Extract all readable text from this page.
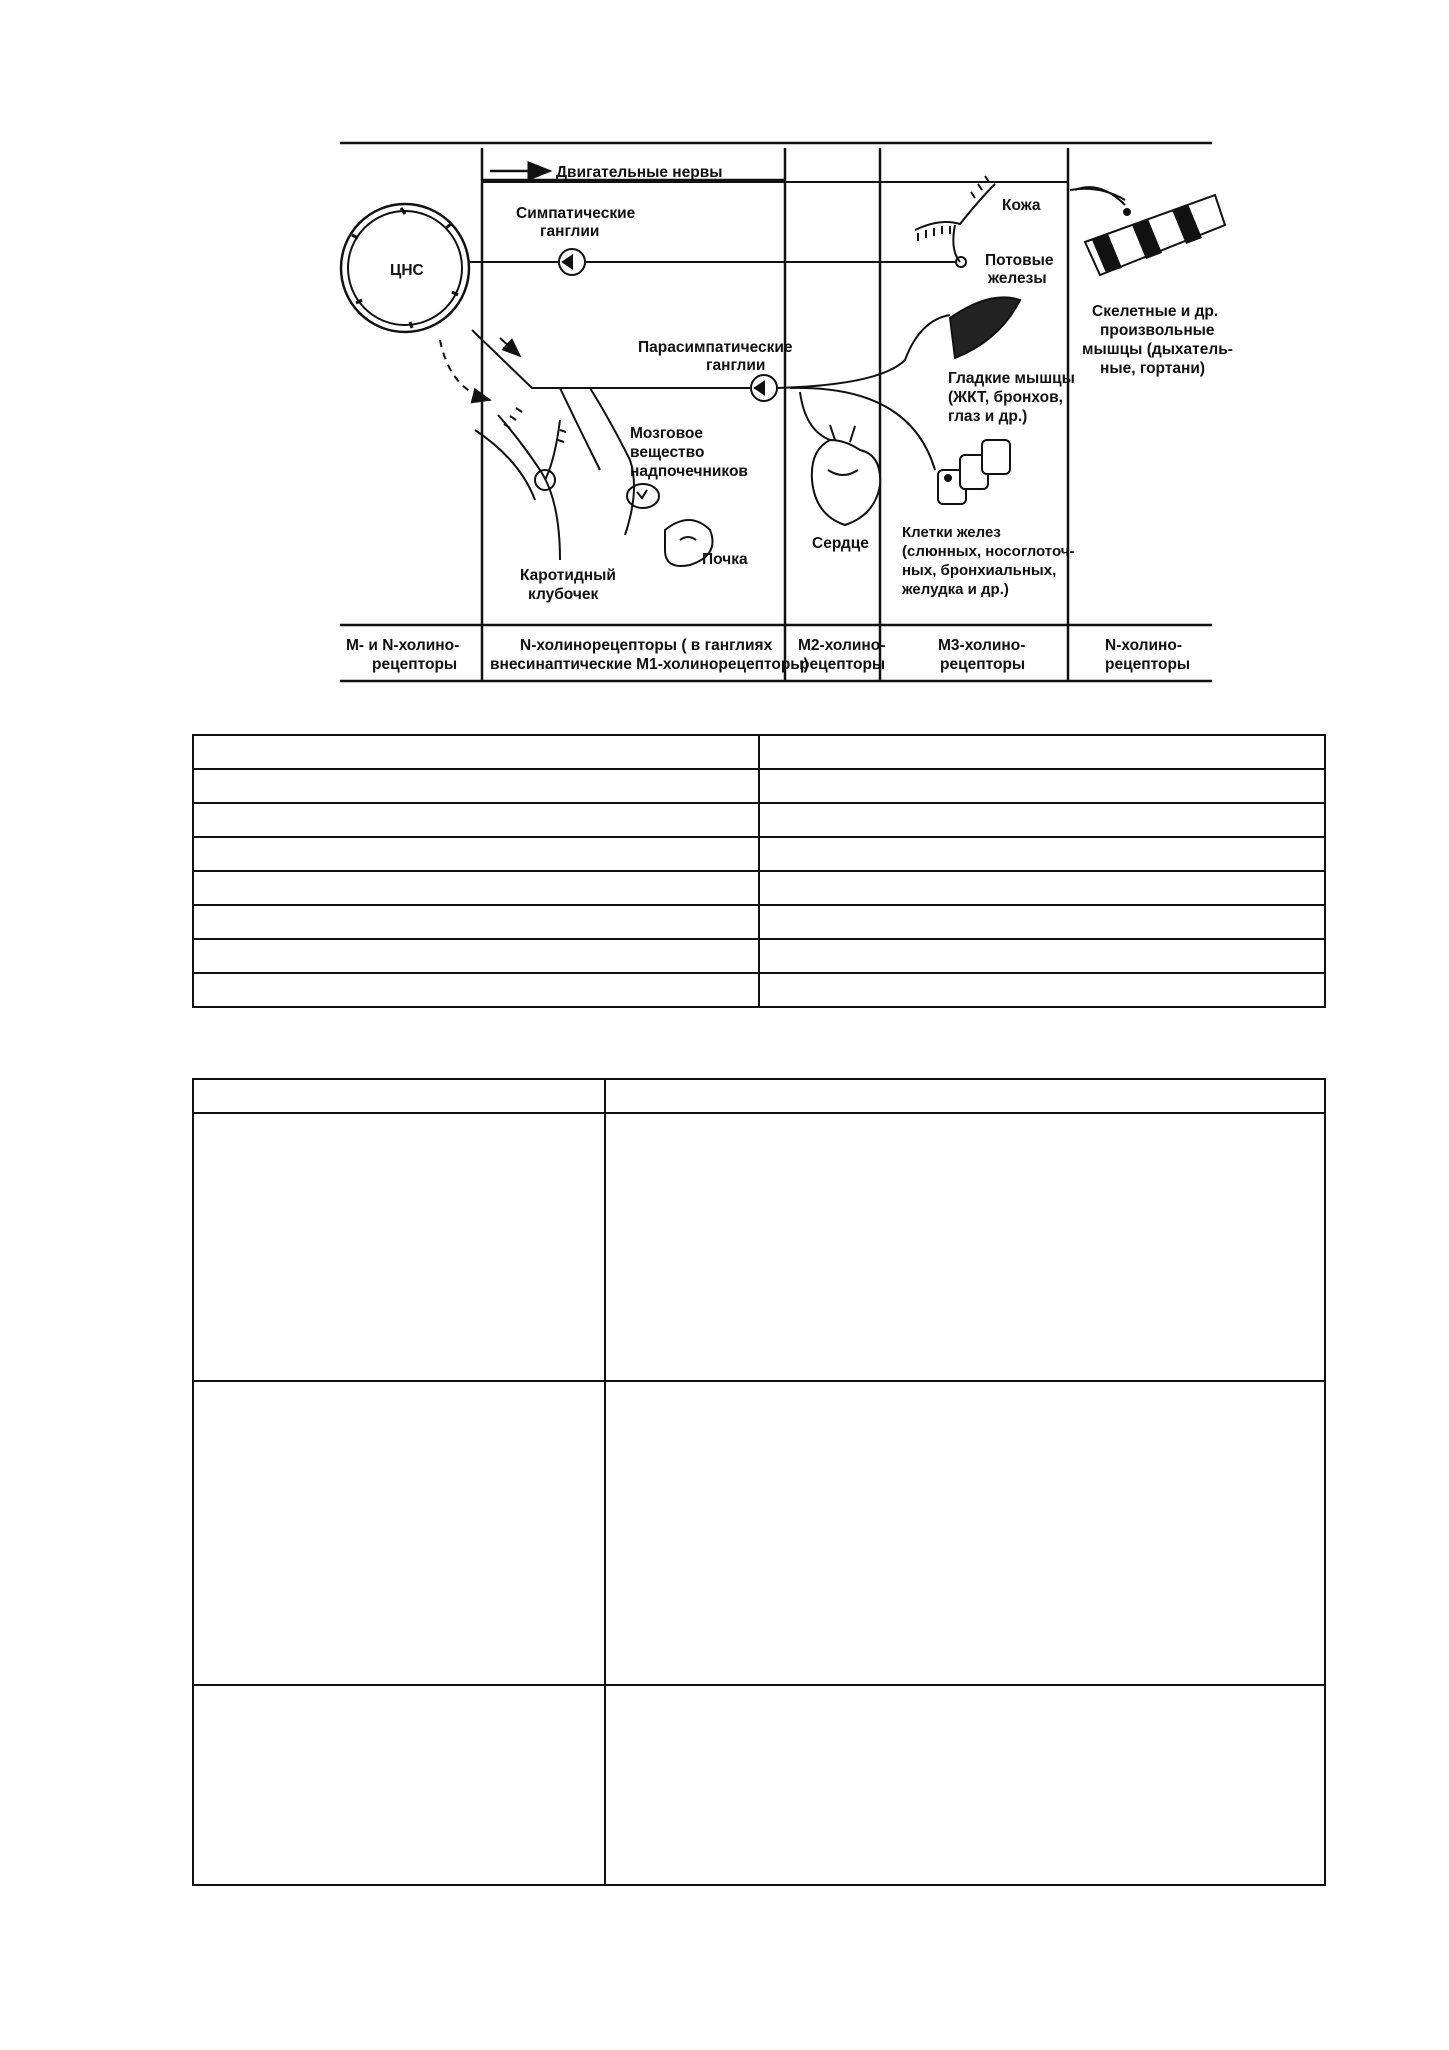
Двигательные нервы
ЦНС
Симпатические
ганглии
Кожа
Потовые
железы
Скелетные и др.
произвольные
мышцы (дыхатель-
ные, гортани)
Парасимпатические
ганглии
Гладкие мышцы
(ЖКТ, бронхов,
глаз и др.)
Клетки желез
(слюнных, носоглоточ-
ных, бронхиальных,
желудка и др.)
Сердце
Мозговое
вещество
надпочечников
Почка
Каротидный
клубочек
M- и N-холино-
рецепторы
N-холинорецепторы ( в ганглиях
внесинаптические M1-холинорецепторы)
M2-холино-
рецепторы
M3-холино-
рецепторы
N-холино-
рецепторы
